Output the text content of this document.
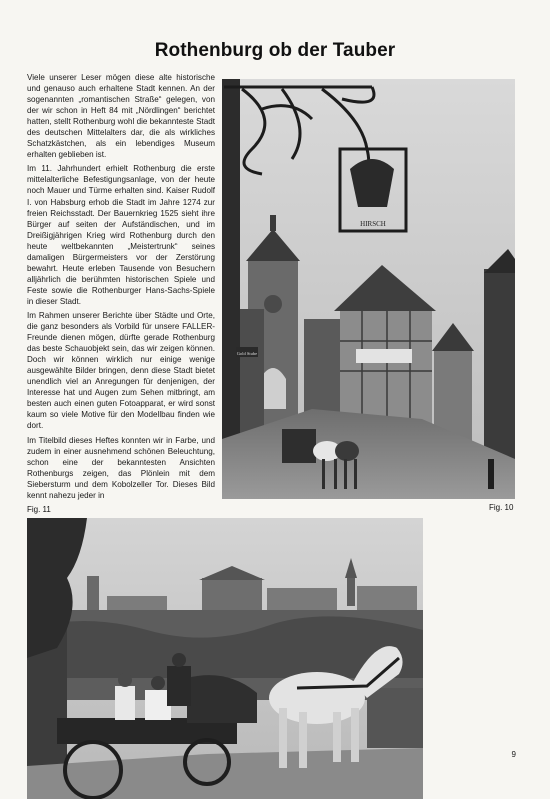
Rothenburg ob der Tauber

Viele unserer Leser mögen diese alte historische und genauso auch erhaltene Stadt kennen. An der sogenannten „romantischen Straße“ gelegen, von der wir schon in Heft 84 mit „Nördlingen“ berichtet hatten, stellt Rothenburg wohl die bekannteste Stadt des deutschen Mittelalters dar, die als wirkliches Schatzkästchen, als ein lebendiges Museum erhalten geblieben ist.

Im 11. Jahrhundert erhielt Rothenburg die erste mittelalterliche Befestigungsanlage, von der heute noch Mauer und Türme erhalten sind. Kaiser Rudolf I. von Habsburg erhob die Stadt im Jahre 1274 zur freien Reichsstadt. Der Bauernkrieg 1525 sieht ihre Bürger auf seiten der Aufständischen, und im Dreißigjährigen Krieg wird Rothenburg durch den heute weltbekannten „Meistertrunk“ seines damaligen Bürgermeisters vor der Zerstörung bewahrt. Heute erleben Tausende von Besuchern alljährlich die berühmten historischen Spiele und Feste sowie die Rothenburger Hans-Sachs-Spiele in dieser Stadt.

Im Rahmen unserer Berichte über Städte und Orte, die ganz besonders als Vorbild für unsere FALLER-Freunde dienen mögen, dürfte gerade Rothenburg das beste Schauobjekt sein, das wir zeigen können. Doch wir können wirklich nur einige wenige ausgewählte Bilder bringen, denn diese Stadt bietet unendlich viel an Anregungen für denjenigen, der Interesse hat und Augen zum Sehen mitbringt, am besten auch einen guten Fotoapparat, er wird sonst kaum so viele Motive für den Modellbau finden wie dort.

Im Titelbild dieses Heftes konnten wir in Farbe, und zudem in einer ausnehmend schönen Beleuchtung, schon eine der bekanntesten Ansichten Rothenburgs zeigen, das Plönlein mit dem Siebersturm und dem Kobolzeller Tor. Dieses Bild kennt nahezu jeder in

HIRSCH
Gold Stube
Fig. 10
Fig. 11
9
